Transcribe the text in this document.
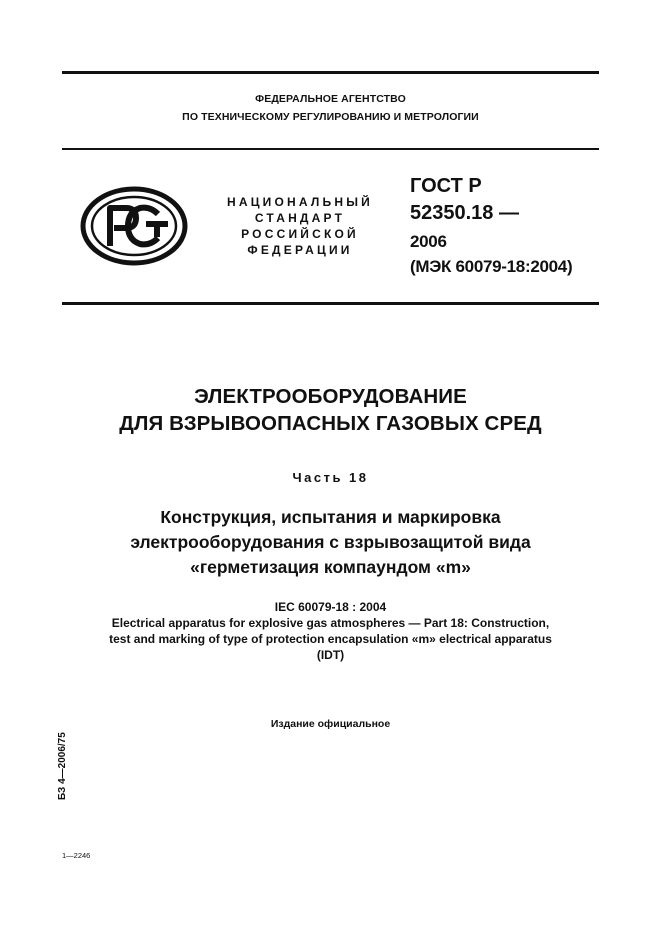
ФЕДЕРАЛЬНОЕ АГЕНТСТВО
ПО ТЕХНИЧЕСКОМУ РЕГУЛИРОВАНИЮ И МЕТРОЛОГИИ
НАЦИОНАЛЬНЫЙ
СТАНДАРТ
РОССИЙСКОЙ
ФЕДЕРАЦИИ
ГОСТ Р
52350.18 —
2006
(МЭК 60079-18:2004)
ЭЛЕКТРООБОРУДОВАНИЕ
ДЛЯ ВЗРЫВООПАСНЫХ ГАЗОВЫХ СРЕД
Часть 18
Конструкция, испытания и маркировка
электрооборудования с взрывозащитой вида
«герметизация компаундом «m»
IEC 60079-18 : 2004
Electrical apparatus for explosive gas atmospheres — Part 18: Construction,
test and marking of type of protection encapsulation «m» electrical apparatus
(IDT)
Издание официальное
БЗ 4—2006/75
1—2246
